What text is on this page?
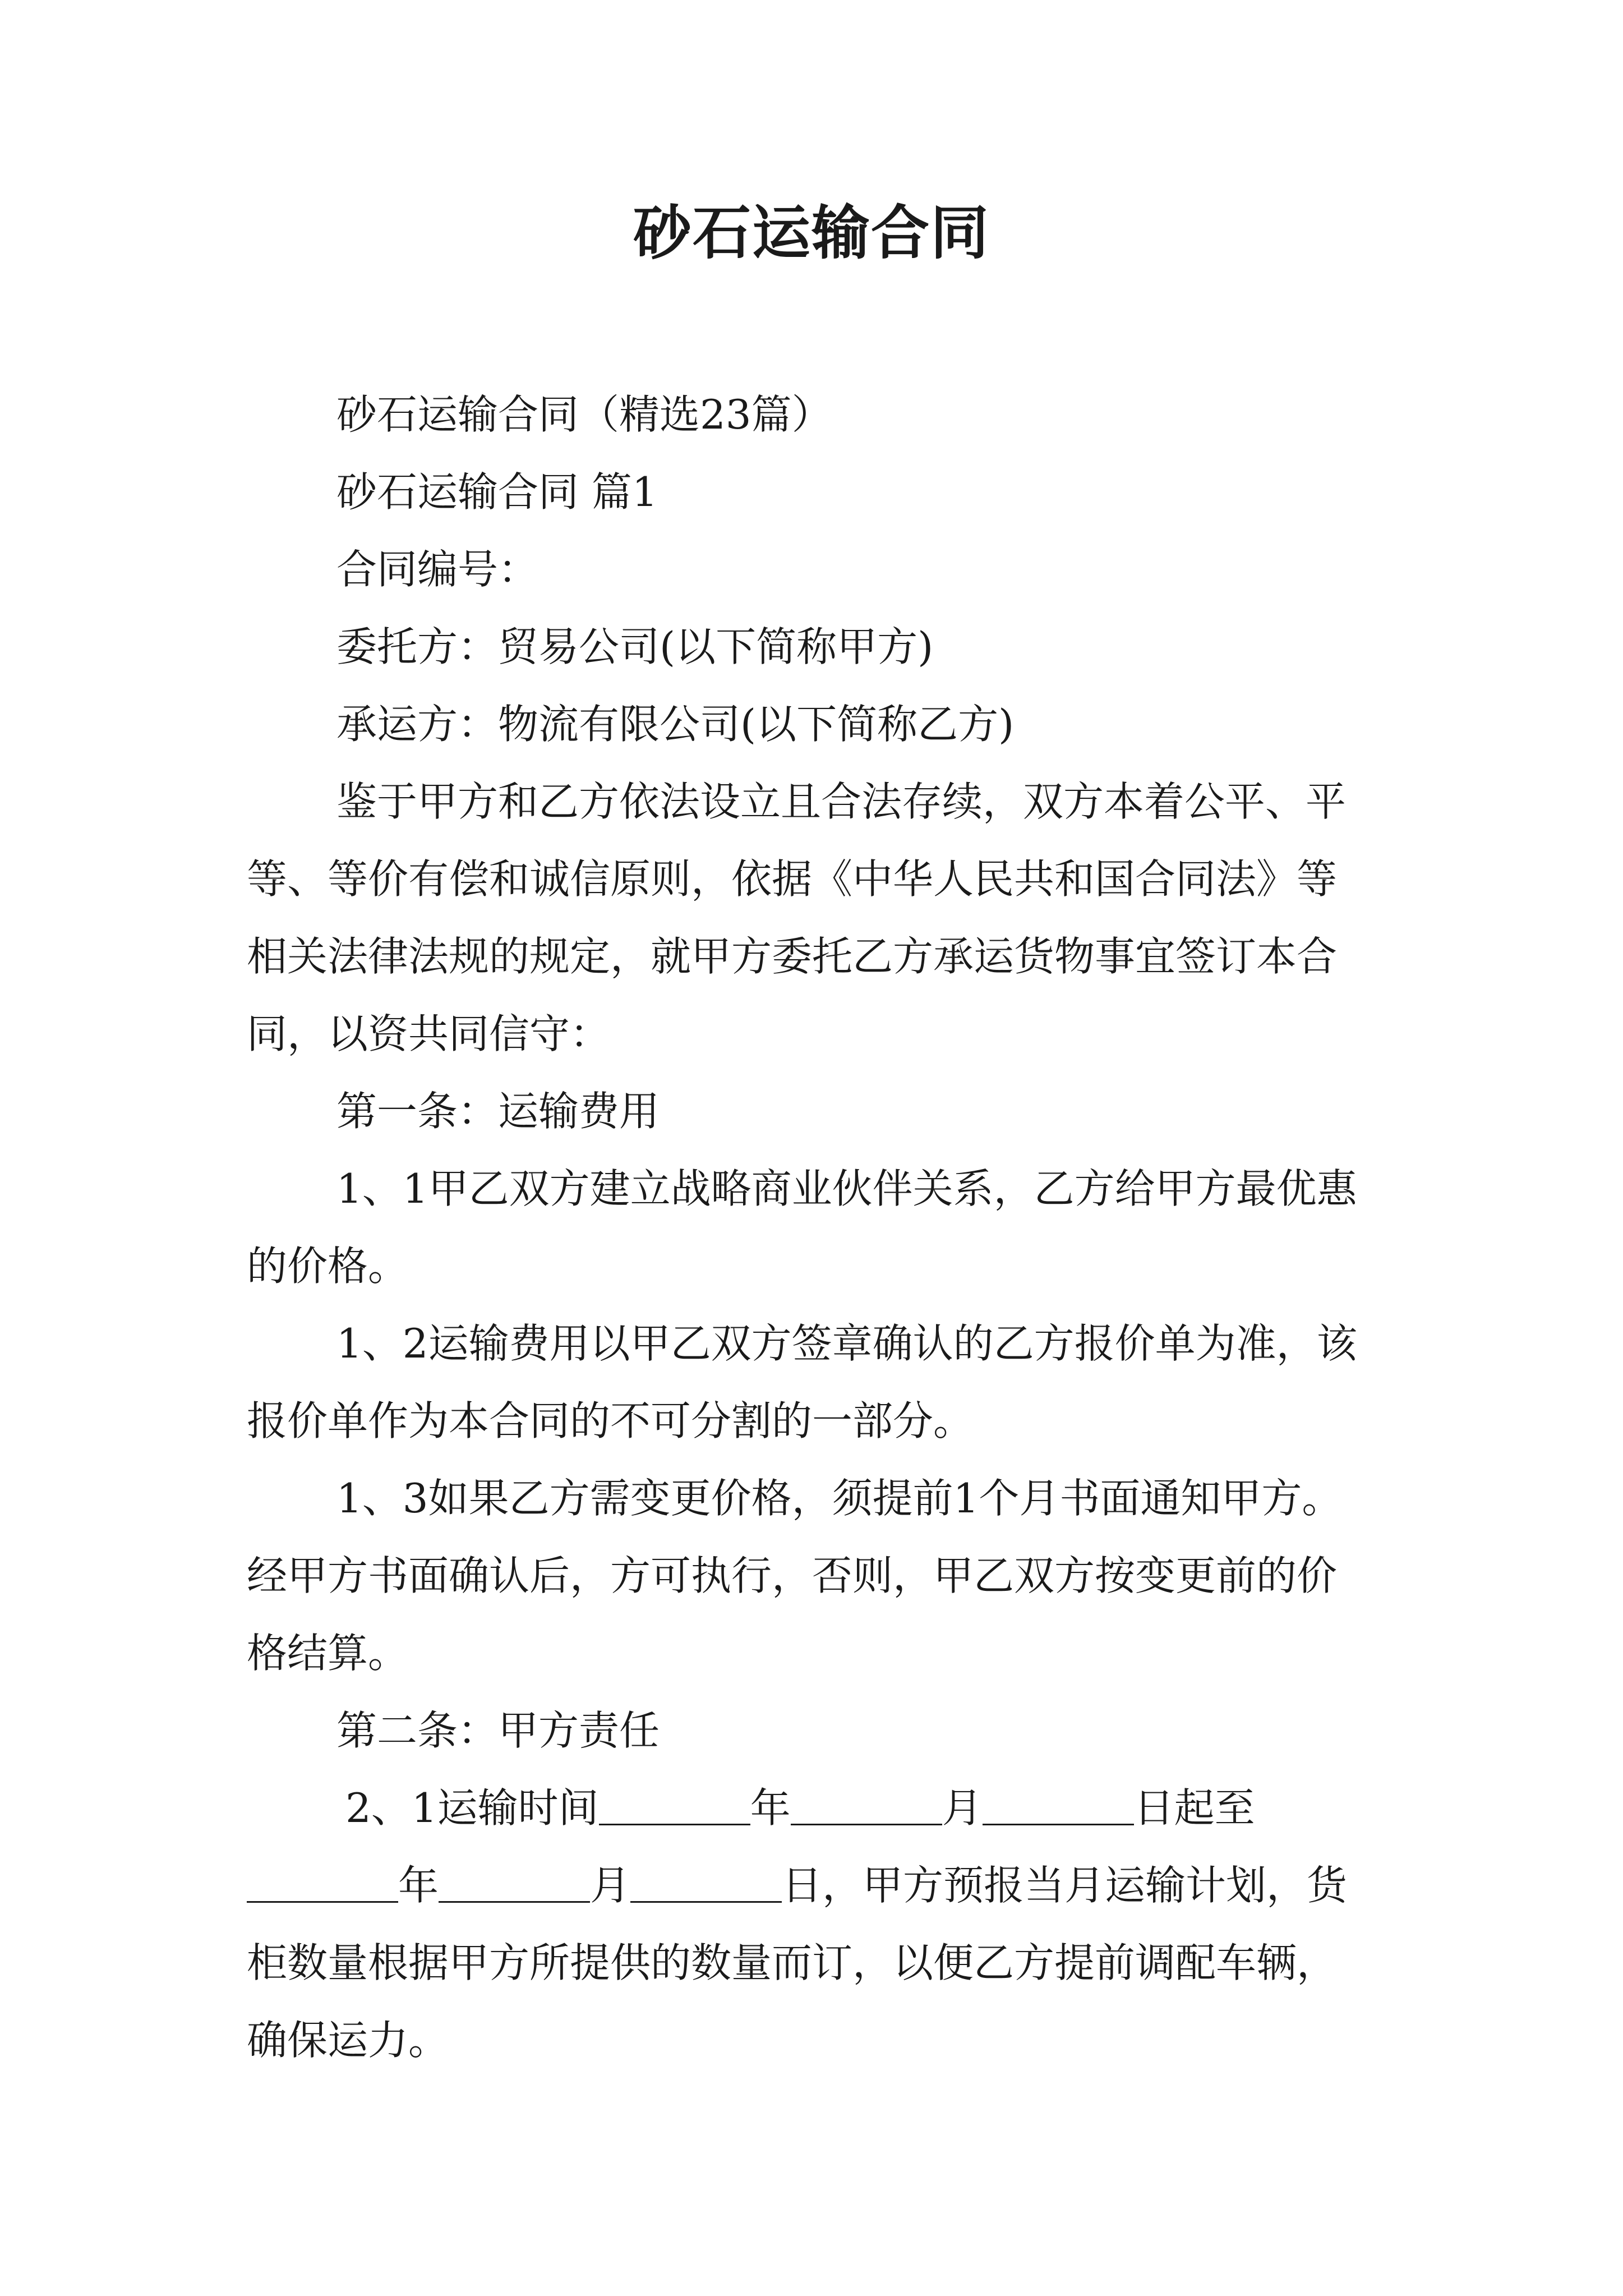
砂石运输合同

砂石运输合同（精选23篇）

砂石运输合同 篇1

合同编号：

委托方：贸易公司(以下简称甲方)

承运方：物流有限公司(以下简称乙方)

鉴于甲方和乙方依法设立且合法存续，双方本着公平、平等、等价有偿和诚信原则，依据《中华人民共和国合同法》等相关法律法规的规定，就甲方委托乙方承运货物事宜签订本合同，以资共同信守：

第一条：运输费用

1、1甲乙双方建立战略商业伙伴关系，乙方给甲方最优惠的价格。

1、2运输费用以甲乙双方签章确认的乙方报价单为准，该报价单作为本合同的不可分割的一部分。

1、3如果乙方需变更价格，须提前1个月书面通知甲方。经甲方书面确认后，方可执行，否则，甲乙双方按变更前的价格结算。

第二条：甲方责任

2、1运输时间	年	月	日起至年	月	日，甲方预报当月运输计划，货柜数量根据甲方所提供的数量而订，以便乙方提前调配车辆，确保运力。
